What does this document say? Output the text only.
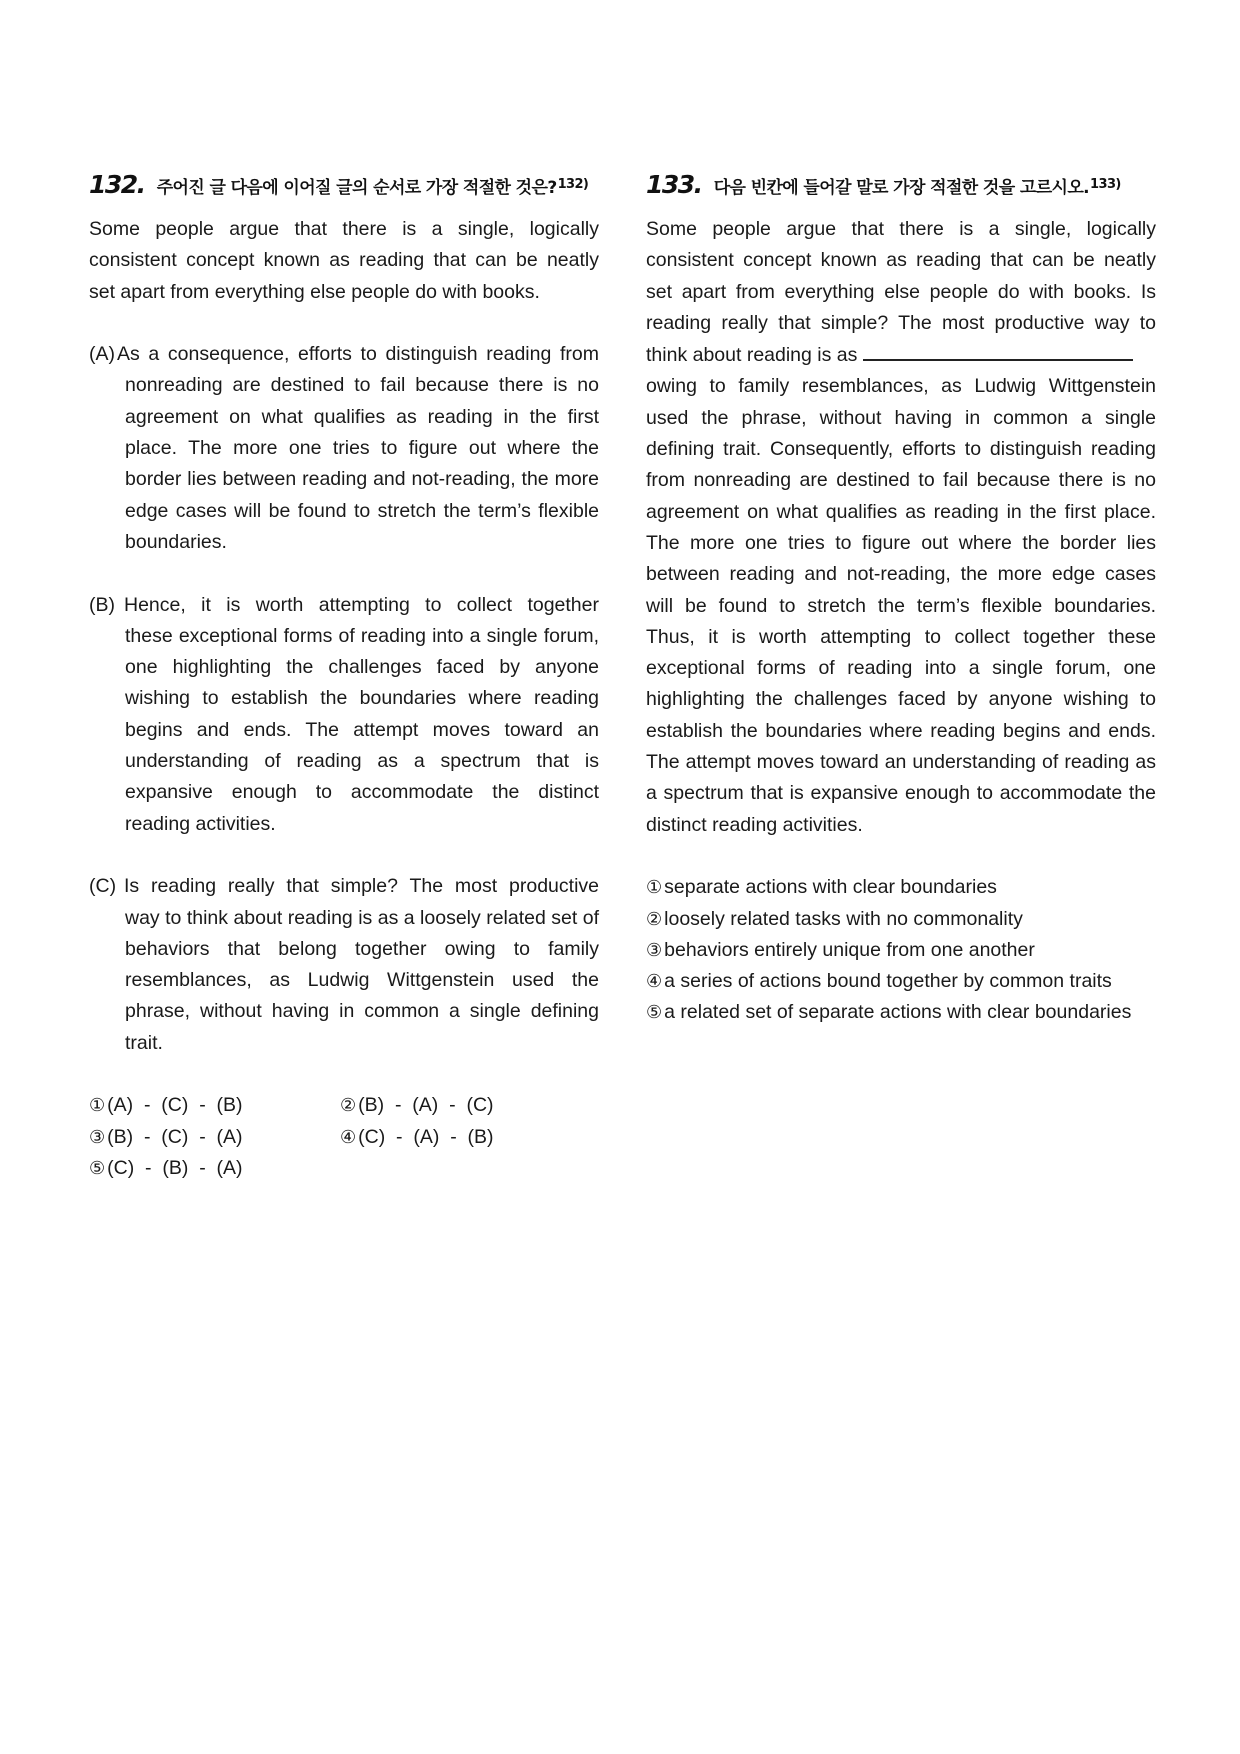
132. 주어진 글 다음에 이어질 글의 순서로 가장 적절한 것은?$^{132)}$

Some people argue that there is a single, logically consistent concept known as reading that can be neatly set apart from everything else people do with books.

(A) As a consequence, efforts to distinguish reading from
nonreading are destined to fail because there is no agreement on what qualifies as reading in the first place. The more one tries to figure out where the border lies between reading and not-reading, the more edge cases will be found to stretch the term’s flexible boundaries.
(B) Hence, it is worth attempting to collect together
these exceptional forms of reading into a single forum, one highlighting the challenges faced by anyone wishing to establish the boundaries where reading begins and ends. The attempt moves toward an understanding of reading as a spectrum that is expansive enough to accommodate the distinct reading activities.
(C) Is reading really that simple? The most productive
way to think about reading is as a loosely related set of behaviors that belong together owing to family resemblances, as Ludwig Wittgenstein used the phrase, without having in common a single defining trait.
① (A)  -  (C)  -  (B)	② (B)  -  (A)  -  (C)
③ (B)  -  (C)  -  (A)	④ (C)  -  (A)  -  (B)
⑤ (C)  -  (B)  -  (A)
133. 다음 빈칸에 들어갈 말로 가장 적절한 것을 고르시오.$^{133)}$

Some people argue that there is a single, logically consistent concept known as reading that can be neatly set apart from everything else people do with books. Is reading really that simple? The most productive way to

think about reading is as

owing to family resemblances, as Ludwig Wittgenstein used the phrase, without having in common a single defining trait. Consequently, efforts to distinguish reading from nonreading are destined to fail because there is no agreement on what qualifies as reading in the first place. The more one tries to figure out where the border lies between reading and not-reading, the more edge cases will be found to stretch the term’s flexible boundaries. Thus, it is worth attempting to collect together these exceptional forms of reading into a single forum, one highlighting the challenges faced by anyone wishing to establish the boundaries where reading begins and ends. The attempt moves toward an understanding of reading as a spectrum that is expansive enough to accommodate the distinct reading activities.

① separate actions with clear boundaries
② loosely related tasks with no commonality
③ behaviors entirely unique from one another
④ a series of actions bound together by common traits
⑤ a related set of separate actions with clear boundaries
